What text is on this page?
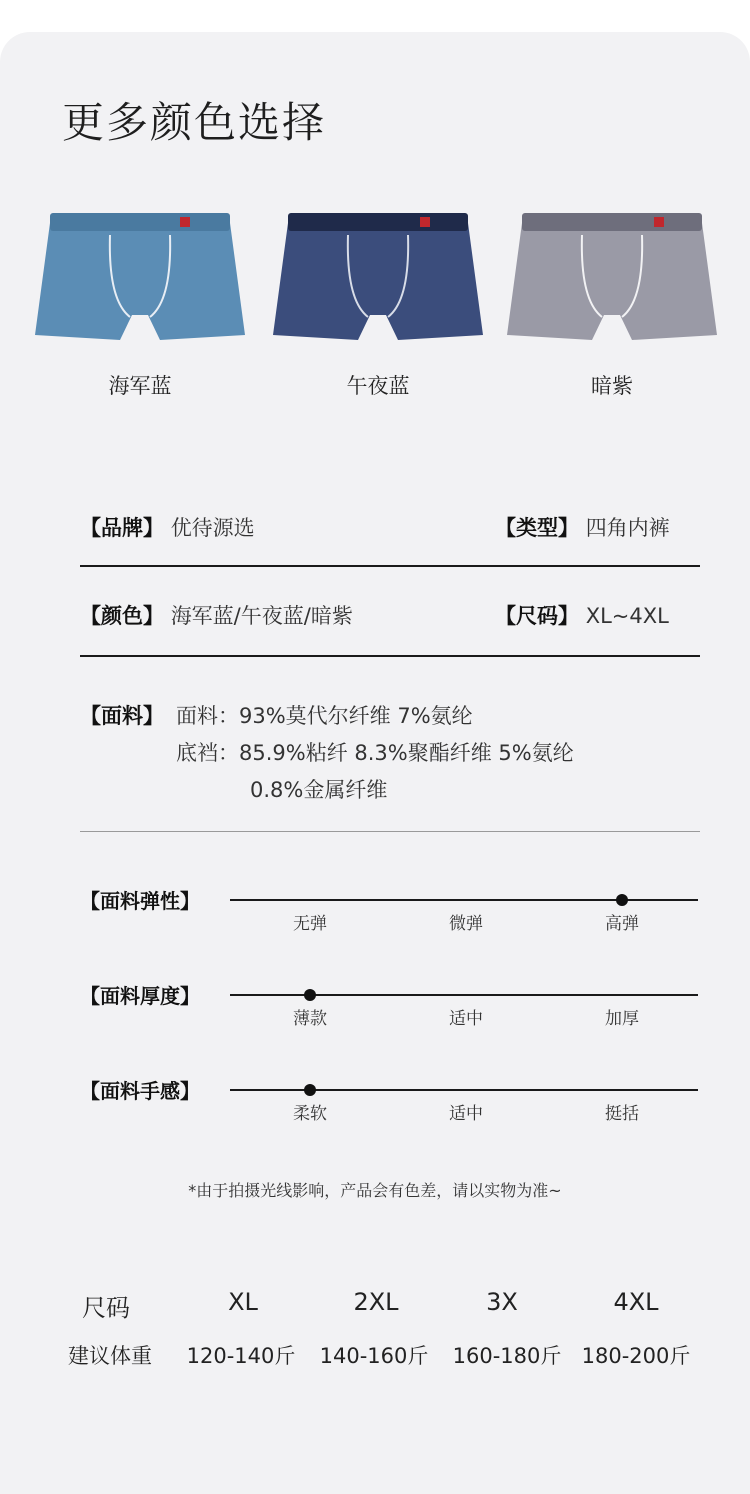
更多颜色选择
海军蓝	午夜蓝	暗紫
【品牌】 优待源选	【类型】 四角内裤
【颜色】 海军蓝/午夜蓝/暗紫	【尺码】 XL~4XL
【面料】 面料：93%莫代尔纤维 7%氨纶
底裆：85.9%粘纤 8.3%聚酯纤维 5%氨纶
0.8%金属纤维
【面料弹性】
无弹	微弹	高弹
【面料厚度】
薄款	适中	加厚
【面料手感】
柔软	适中	挺括
*由于拍摄光线影响，产品会有色差，请以实物为准~
尺码	XL	2XL	3X	4XL
建议体重 120-140斤 140-160斤 160-180斤 180-200斤
